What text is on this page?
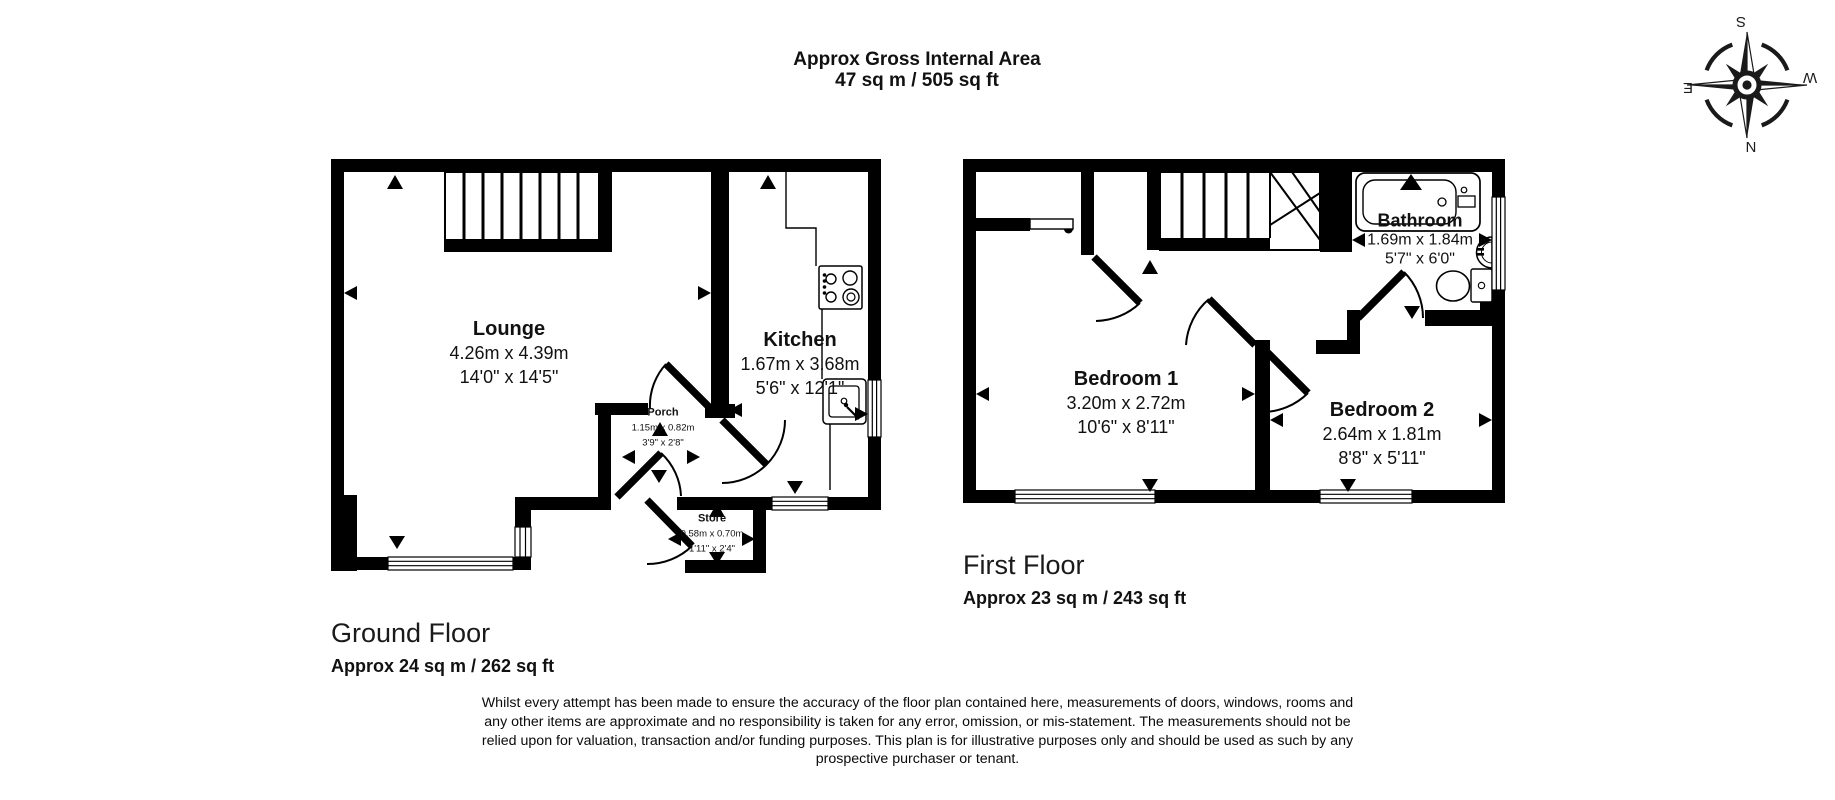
S
W
N
E
Approx Gross Internal Area
47 sq m / 505 sq ft
Lounge
4.26m x 4.39m
14'0" x 14'5"
Kitchen
1.67m x 3.68m
5'6" x 12'1"
Porch
1.15m x 0.82m
3'9" x 2'8"
Store
0.58m x 0.70m
1'11" x 2'4"
Bedroom 1
3.20m x 2.72m
10'6" x 8'11"
Bedroom 2
2.64m x 1.81m
8'8" x 5'11"
Bathroom
1.69m x 1.84m
5'7" x 6'0"
Ground Floor
Approx 24 sq m / 262 sq ft
First Floor
Approx 23 sq m / 243 sq ft
Whilst every attempt has been made to ensure the accuracy of the floor plan contained here, measurements of doors, windows, rooms and
any other items are approximate and no responsibility is taken for any error, omission, or mis-statement. The measurements should not be
relied upon for valuation, transaction and/or funding purposes. This plan is for illustrative purposes only and should be used as such by any
prospective purchaser or tenant.
